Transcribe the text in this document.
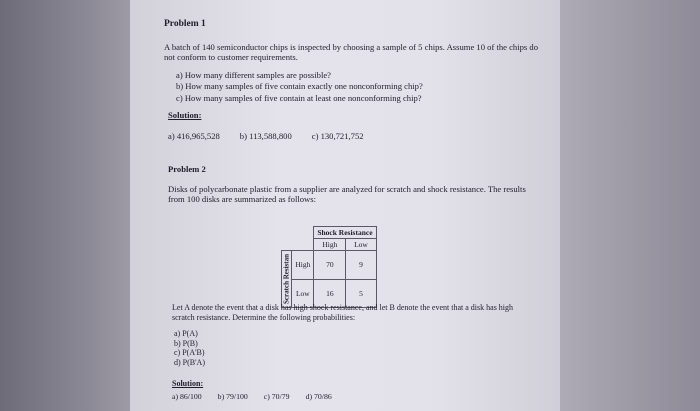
Problem 1
A batch of 140 semiconductor chips is inspected by choosing a sample of 5 chips. Assume 10 of the chips do not conform to customer requirements.
a) How many different samples are possible?
b) How many samples of five contain exactly one nonconforming chip?
c) How many samples of five contain at least one nonconforming chip?
Solution:
a) 416,965,528 b) 113,588,800 c) 130,721,752
Problem 2
Disks of polycarbonate plastic from a supplier are analyzed for scratch and shock resistance. The results from 100 disks are summarized as follows:
		Shock Resistance	
		High	Low
Scratch Resistan	High	70	9
	Low	16	5
Let A denote the event that a disk has high shock resistance, and let B denote the event that a disk has high scratch resistance. Determine the following probabilities:
a) P(A)
b) P(B)
c) P(A'B)
d) P(B'A)
Solution:
a) 86/100 b) 79/100 c) 70/79 d) 70/86
